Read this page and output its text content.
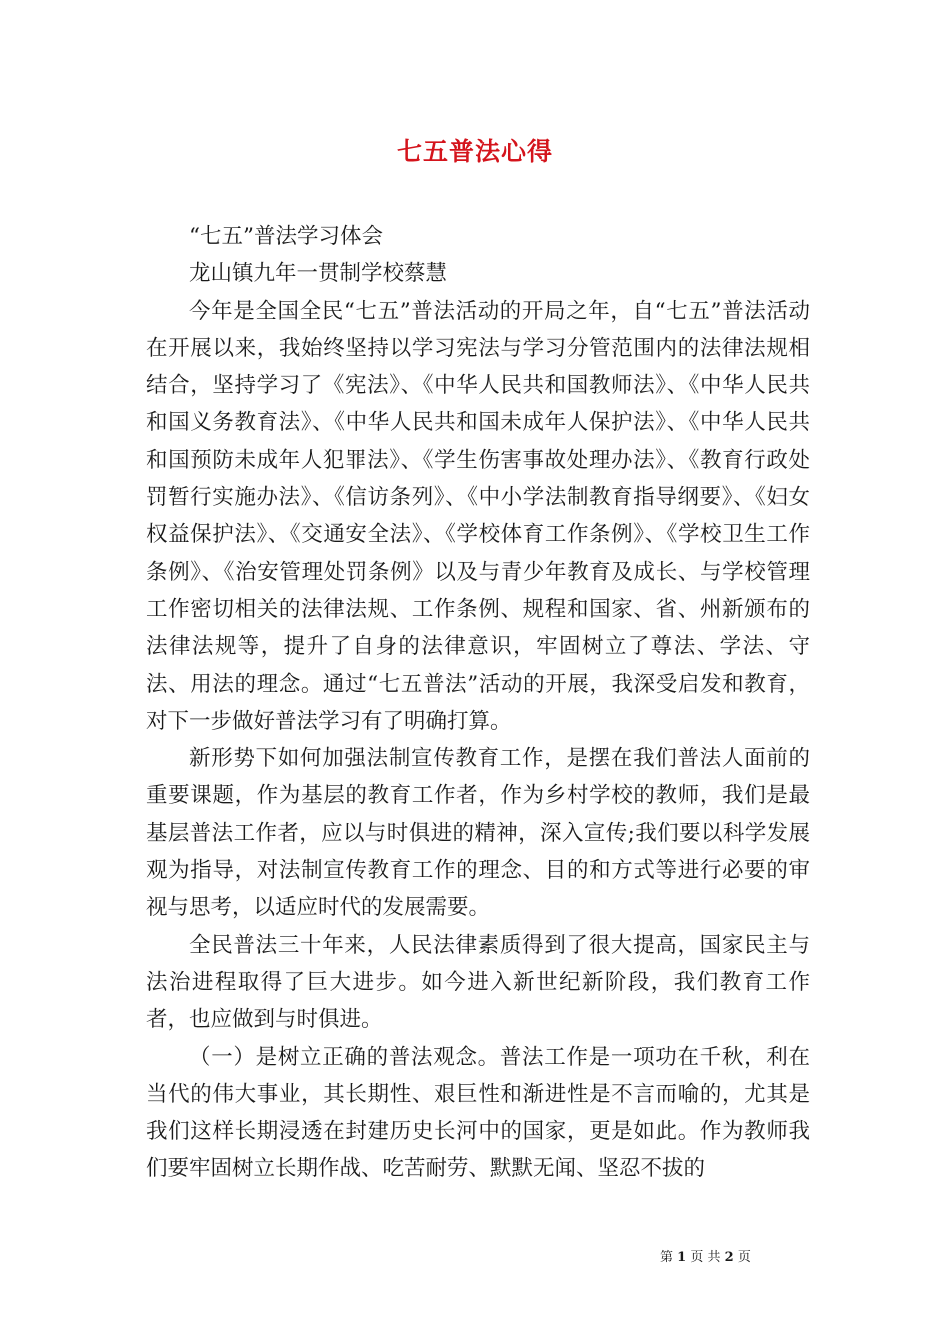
七五普法心得

“七五”普法学习体会

龙山镇九年一贯制学校蔡慧

今年是全国全民“七五”普法活动的开局之年，自“七五”普法活动在开展以来，我始终坚持以学习宪法与学习分管范围内的法律法规相结合，坚持学习了《宪法》、《中华人民共和国教师法》、《中华人民共和国义务教育法》、《中华人民共和国未成年人保护法》、《中华人民共和国预防未成年人犯罪法》、《学生伤害事故处理办法》、《教育行政处罚暂行实施办法》、《信访条列》、《中小学法制教育指导纲要》、《妇女权益保护法》、《交通安全法》、《学校体育工作条例》、《学校卫生工作条例》、《治安管理处罚条例》以及与青少年教育及成长、与学校管理工作密切相关的法律法规、工作条例、规程和国家、省、州新颁布的法律法规等，提升了自身的法律意识，牢固树立了尊法、学法、守法、用法的理念。通过“七五普法”活动的开展，我深受启发和教育，对下一步做好普法学习有了明确打算。

新形势下如何加强法制宣传教育工作，是摆在我们普法人面前的重要课题，作为基层的教育工作者，作为乡村学校的教师，我们是最基层普法工作者，应以与时俱进的精神，深入宣传;我们要以科学发展观为指导，对法制宣传教育工作的理念、目的和方式等进行必要的审视与思考，以适应时代的发展需要。

全民普法三十年来，人民法律素质得到了很大提高，国家民主与法治进程取得了巨大进步。如今进入新世纪新阶段，我们教育工作者，也应做到与时俱进。

（一）是树立正确的普法观念。普法工作是一项功在千秋，利在当代的伟大事业，其长期性、艰巨性和渐进性是不言而喻的，尤其是我们这样长期浸透在封建历史长河中的国家，更是如此。作为教师我们要牢固树立长期作战、吃苦耐劳、默默无闻、坚忍不拔的

第 1 页 共 2 页
